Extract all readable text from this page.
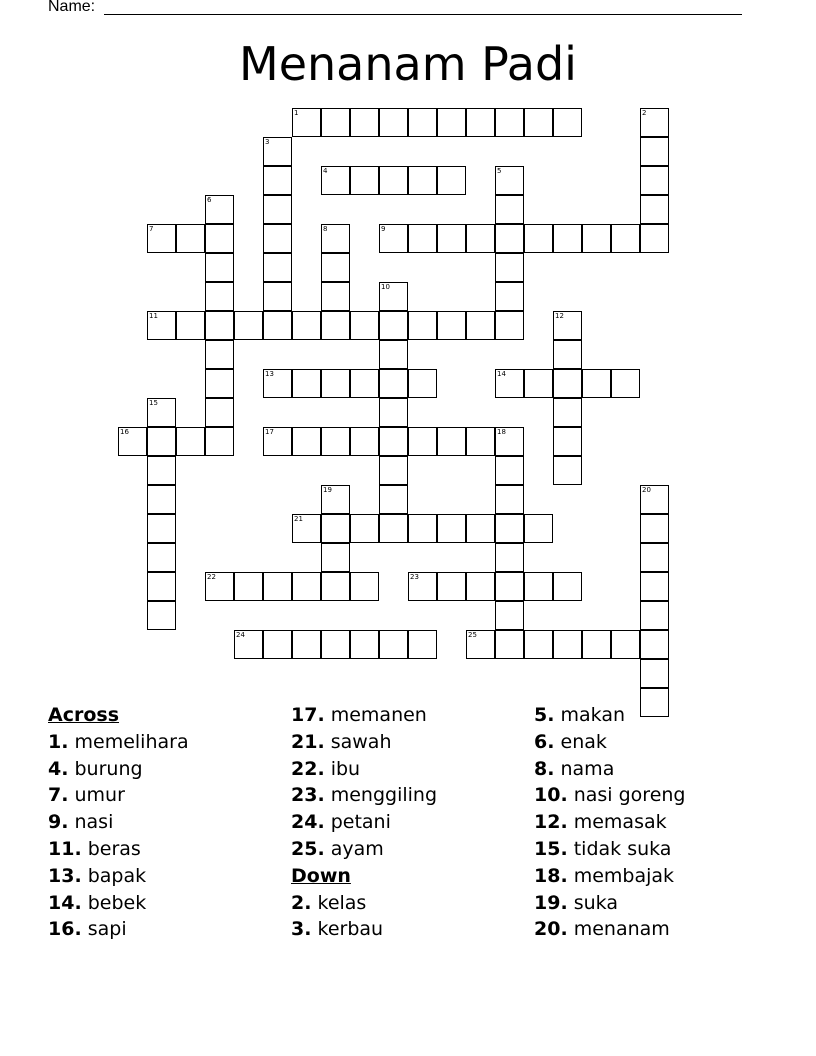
Name:
Menanam Padi
1	2
3
4	5
6
7	8	9
10
11	12
13	14
15
16	17	18
19	20
21
22	23
24	25
Across
1. memelihara
4. burung
7. umur
9. nasi
11. beras
13. bapak
14. bebek
16. sapi
17. memanen
21. sawah
22. ibu
23. menggiling
24. petani
25. ayam
Down
2. kelas
3. kerbau
5. makan
6. enak
8. nama
10. nasi goreng
12. memasak
15. tidak suka
18. membajak
19. suka
20. menanam
